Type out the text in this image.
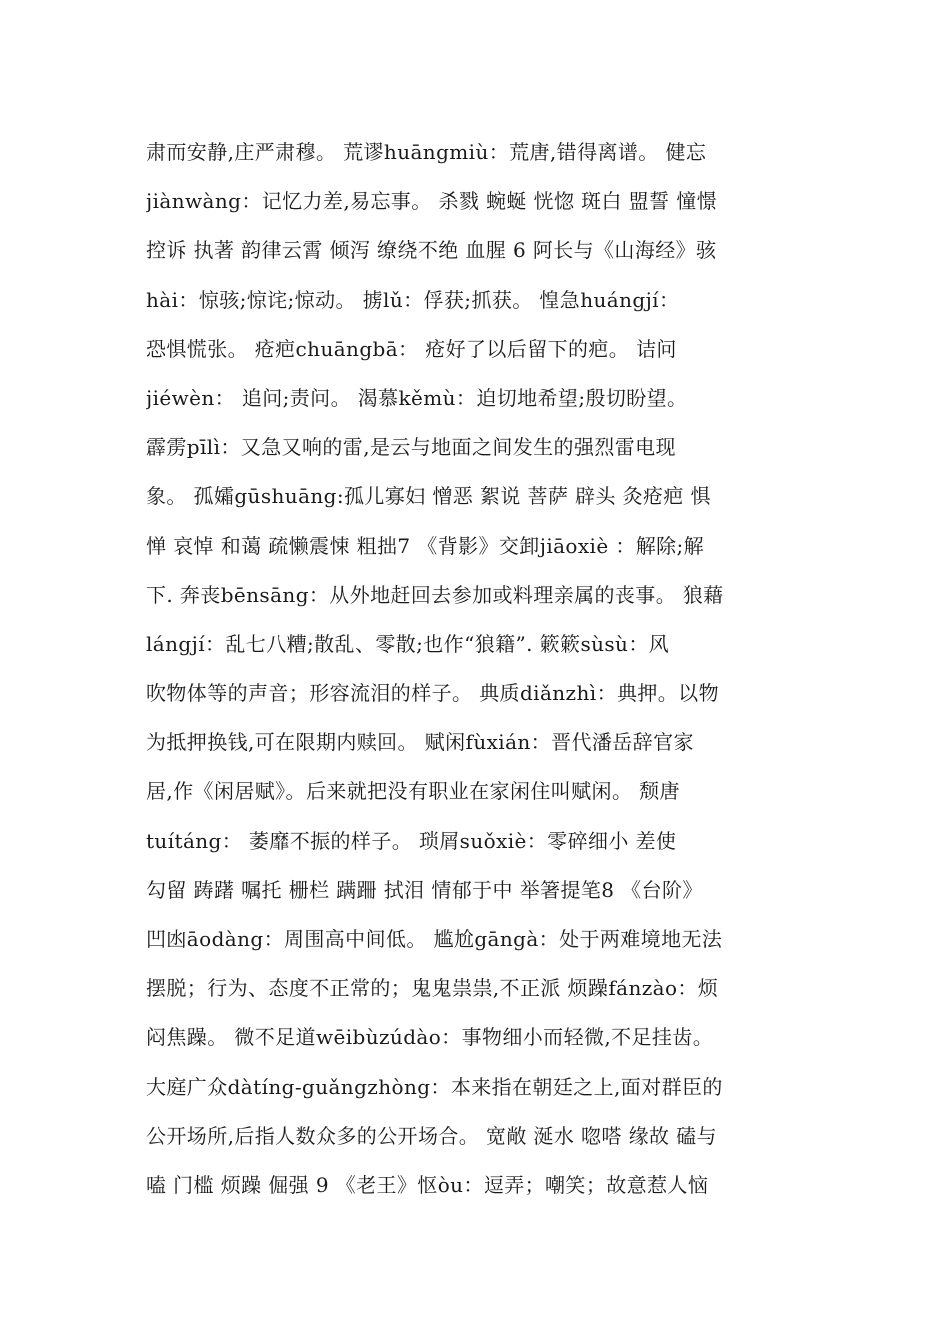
肃而安静,庄严肃穆。 荒谬huāngmiù：荒唐,错得离谱。 健忘
jiànwàng：记忆力差,易忘事。 杀戮 蜿蜒 恍惚 斑白 盟誓 憧憬
控诉 执著 韵律云霄 倾泻 缭绕不绝 血腥 6 阿长与《山海经》骇
hài：惊骇;惊诧;惊动。 掳lǔ：俘获;抓获。 惶急huángjí：
恐惧慌张。 疮疤chuāngbā： 疮好了以后留下的疤。 诘问
jiéwèn： 追问;责问。 渴慕kěmù：迫切地希望;殷切盼望。
霹雳pīlì：又急又响的雷,是云与地面之间发生的强烈雷电现
象。 孤孀gūshuāng:孤儿寡妇 憎恶 絮说 菩萨 辟头 灸疮疤 惧
惮 哀悼 和蔼 疏懒震悚 粗拙7 《背影》交卸jiāoxiè ：解除;解
下. 奔丧bēnsāng：从外地赶回去参加或料理亲属的丧事。 狼藉
lángjí：乱七八糟;散乱、零散;也作“狼籍”. 簌簌sùsù：风
吹物体等的声音；形容流泪的样子。 典质diǎnzhì：典押。以物
为抵押换钱,可在限期内赎回。 赋闲fùxián：晋代潘岳辞官家
居,作《闲居赋》。后来就把没有职业在家闲住叫赋闲。 颓唐
tuítáng： 萎靡不振的样子。 琐屑suǒxiè：零碎细小 差使
勾留 踌躇 嘱托 栅栏 蹒跚 拭泪 情郁于中 举箸提笔8 《台阶》
凹凼āodàng：周围高中间低。 尴尬gāngà：处于两难境地无法
摆脱；行为、态度不正常的；鬼鬼祟祟,不正派 烦躁fánzào：烦
闷焦躁。 微不足道wēibùzúdào：事物细小而轻微,不足挂齿。
大庭广众dàtíng-guǎngzhòng：本来指在朝廷之上,面对群臣的
公开场所,后指人数众多的公开场合。 宽敞 涎水 唿嗒 缘故 磕与
嗑 门槛 烦躁 倔强 9 《老王》怄òu：逗弄；嘲笑；故意惹人恼
